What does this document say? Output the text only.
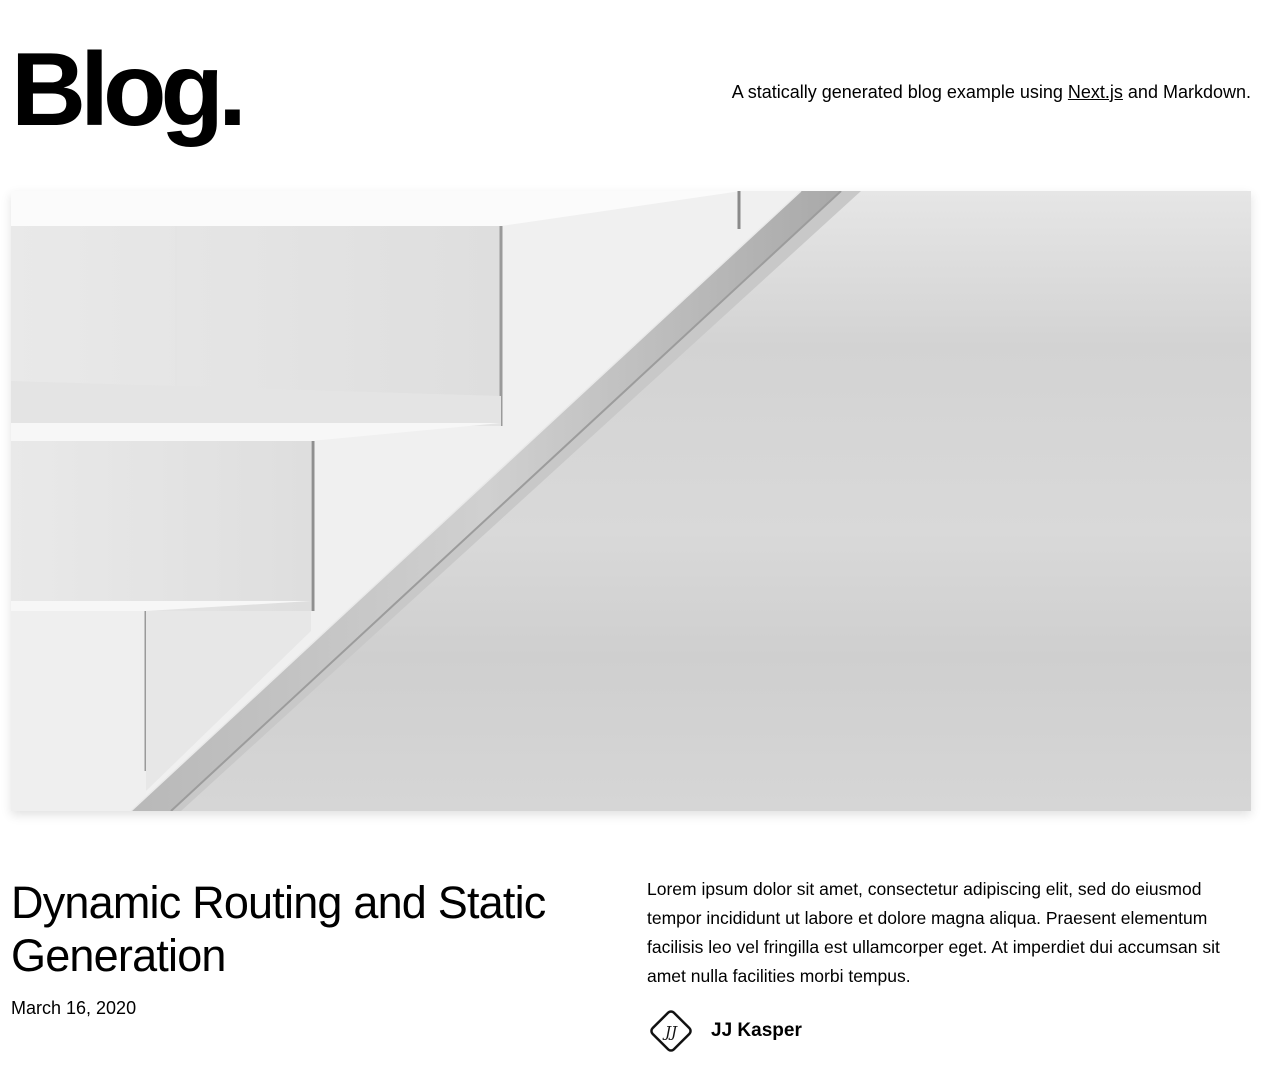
Blog.	A statically generated blog example using Next.js and Markdown.
Dynamic Routing and Static Generation
March 16, 2020

Lorem ipsum dolor sit amet, consectetur adipiscing elit, sed do eiusmod tempor incididunt ut labore et dolore magna aliqua. Praesent elementum facilisis leo vel fringilla est ullamcorper eget. At imperdiet dui accumsan sit amet nulla facilities morbi tempus.

JJ JJ Kasper
